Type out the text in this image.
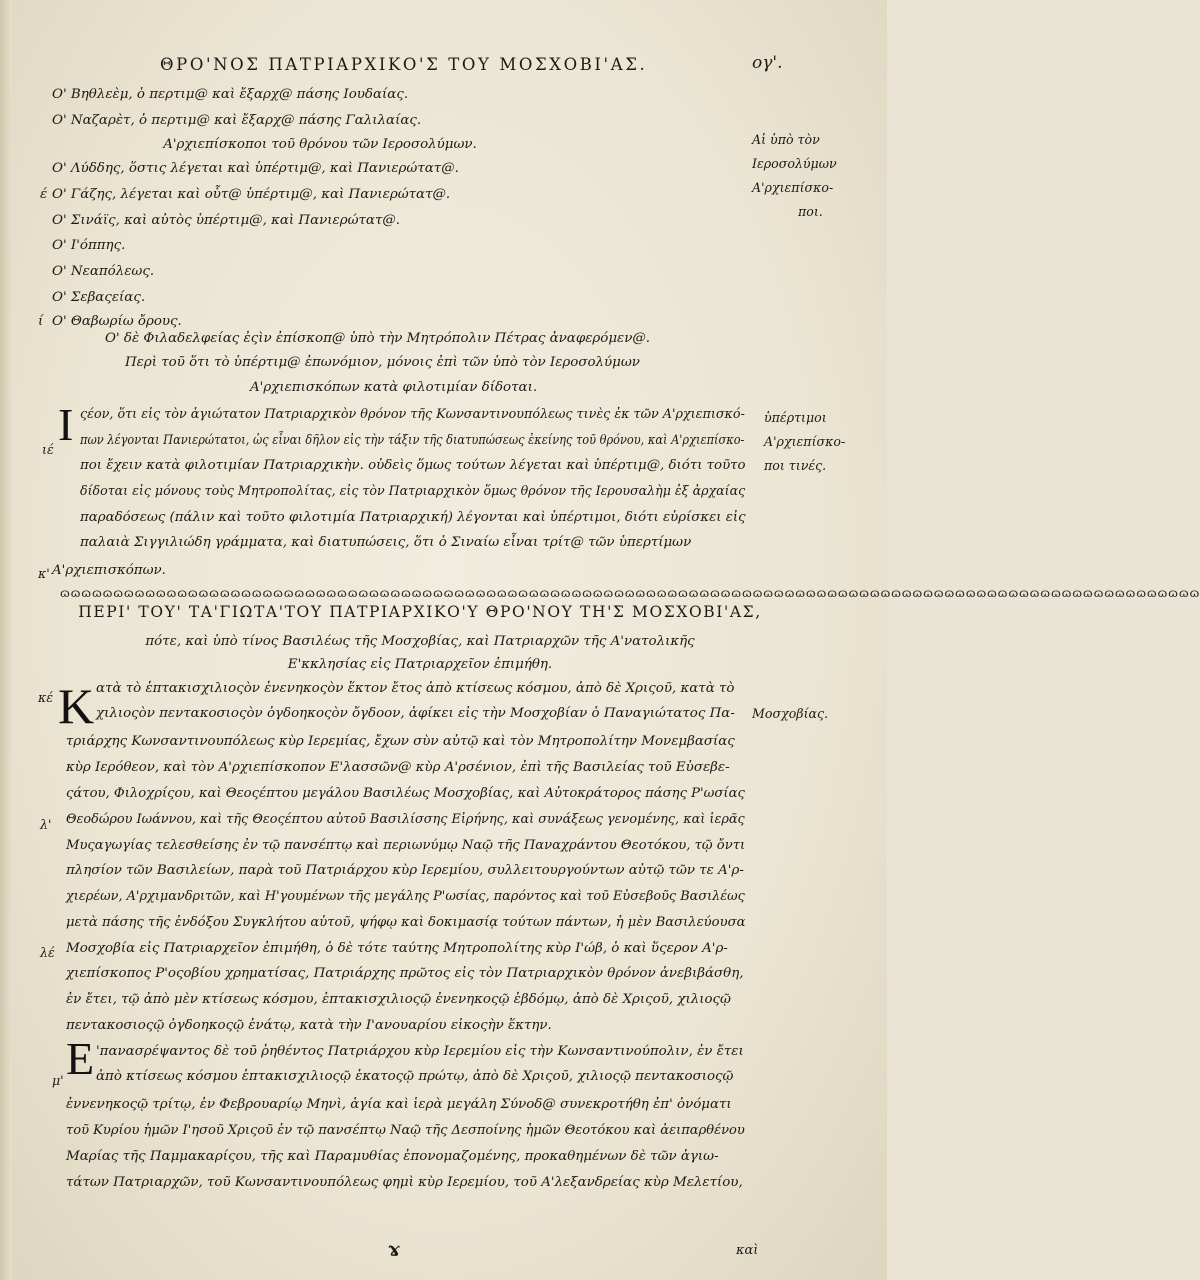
ΘΡΟ'ΝΟΣ ΠΑΤΡΙΑΡΧΙΚΟ'Σ ΤΟΥ ΜΟΣΧΟΒΙ'ΑΣ.	ογ'.
Ο' Βηθλεὲμ, ὁ περτιμ@ καὶ ἔξαρχ@ πάσης Ιουδαίας.
Ο' Ναζαρὲτ, ὁ περτιμ@ καὶ ἔξαρχ@ πάσης Γαλιλαίας.
Α'ρχιεπίσκοποι τοῦ θρόνου τῶν Ιεροσολύμων.
Ο' Λύδδης, ὅστις λέγεται καὶ ὑπέρτιμ@, καὶ Πανιερώτατ@.
έ Ο' Γάζης, λέγεται καὶ οὗτ@ ὑπέρτιμ@, καὶ Πανιερώτατ@.
Ο' Σινάϊς, καὶ αὐτὸς ὑπέρτιμ@, καὶ Πανιερώτατ@.
Ο' Ι'όππης.
Ο' Νεαπόλεως.
Ο' Σεβαςείας.
ί Ο' Θαβωρίω ὄρους.
Αἱ ὑπὸ τὸν
Ιεροσολύμων
Α'ρχιεπίσκο-
ποι.
Ο' δὲ Φιλαδελφείας ἐςὶν ἐπίσκοπ@ ὑπὸ τὴν Μητρόπολιν Πέτρας ἀναφερόμεν@.
Περὶ τοῦ ὅτι τὸ ὑπέρτιμ@ ἐπωνόμιον, μόνοις ἐπὶ τῶν ὑπὸ τὸν Ιεροσολύμων
Α'ρχιεπισκόπων κατὰ φιλοτιμίαν δίδοται.
Ι
ιέ
ςέον, ὅτι εἰς τὸν ἁγιώτατον Πατριαρχικὸν θρόνον τῆς Κωνσαντινουπόλεως τινὲς ἐκ τῶν Α'ρχιεπισκό-
πων λέγονται Πανιερώτατοι, ὡς εἶναι δῆλον εἰς τὴν τάξιν τῆς διατυπώσεως ἐκείνης τοῦ θρόνου, καὶ Α'ρχιεπίσκο-
ποι ἔχειν κατὰ φιλοτιμίαν Πατριαρχικὴν. οὐδεὶς ὅμως τούτων λέγεται καὶ ὑπέρτιμ@, διότι τοῦτο
δίδοται εἰς μόνους τοὺς Μητροπολίτας, εἰς τὸν Πατριαρχικὸν ὅμως θρόνον τῆς Ιερουσαλὴμ ἐξ ἀρχαίας
παραδόσεως (πάλιν καὶ τοῦτο φιλοτιμία Πατριαρχική) λέγονται καὶ ὑπέρτιμοι, διότι εὑρίσκει εἰς
παλαιὰ Σιγγιλιώδη γράμματα, καὶ διατυπώσεις, ὅτι ὁ Σιναίω εἶναι τρίτ@ τῶν ὑπερτίμων
κ' Α'ρχιεπισκόπων.
ὑπέρτιμοι
Α'ρχιεπίσκο-
ποι τινές.
ɷɷɷɷɷɷɷɷɷɷɷɷɷɷɷɷɷɷɷɷɷɷɷɷɷɷɷɷɷɷɷɷɷɷɷɷɷɷɷɷɷɷɷɷɷɷɷɷɷɷɷɷɷɷɷɷɷɷɷɷɷɷɷɷɷɷɷɷɷɷɷɷɷɷɷɷɷɷɷɷɷɷɷɷɷɷɷɷɷɷɷɷɷɷɷɷɷɷɷɷɷɷɷɷɷɷɷ
ΠΕΡΙ' ΤΟΥ' ΤΑ'ΓΙΩΤΑ'ΤΟΥ ΠΑΤΡΙΑΡΧΙΚΟ'Υ ΘΡΟ'ΝΟΥ ΤΗ'Σ ΜΟΣΧΟΒΙ'ΑΣ,
πότε, καὶ ὑπὸ τίνος Βασιλέως τῆς Μοσχοβίας, καὶ Πατριαρχῶν τῆς Α'νατολικῆς
Ε'κκλησίας εἰς Πατριαρχεῖον ἐπιμήθη.
K
κέ
ατὰ τὸ ἑπτακισχιλιοςὸν ἐνενηκοςὸν ἕκτον ἔτος ἀπὸ κτίσεως κόσμου, ἀπὸ δὲ Χριςοῦ, κατὰ τὸ
χιλιοςὸν πεντακοσιοςὸν ὀγδοηκοςὸν ὄγδοον, ἀφίκει εἰς τὴν Μοσχοβίαν ὁ Παναγιώτατος Πα- Μοσχοβίας.
τριάρχης Κωνσαντινουπόλεως κὺρ Ιερεμίας, ἔχων σὺν αὐτῷ καὶ τὸν Μητροπολίτην Μονεμβασίας
κὺρ Ιερόθεον, καὶ τὸν Α'ρχιεπίσκοπον Ε'λασσῶν@ κὺρ Α'ρσένιον, ἐπὶ τῆς Βασιλείας τοῦ Εὐσεβε-
ςάτου, Φιλοχρίςου, καὶ Θεοςέπτου μεγάλου Βασιλέως Μοσχοβίας, καὶ Αὐτοκράτορος πάσης Ρ'ωσίας
λ' Θεοδώρου Ιωάννου, καὶ τῆς Θεοςέπτου αὐτοῦ Βασιλίσσης Εἰρήνης, καὶ συνάξεως γενομένης, καὶ ἱερᾶς
Μυςαγωγίας τελεσθείσης ἐν τῷ πανσέπτῳ καὶ περιωνύμῳ Ναῷ τῆς Παναχράντου Θεοτόκου, τῷ ὄντι
πλησίον τῶν Βασιλείων, παρὰ τοῦ Πατριάρχου κὺρ Ιερεμίου, συλλειτουργούντων αὐτῷ τῶν τε Α'ρ-
χιερέων, Α'ρχιμανδριτῶν, καὶ Η'γουμένων τῆς μεγάλης Ρ'ωσίας, παρόντος καὶ τοῦ Εὐσεβοῦς Βασιλέως
μετὰ πάσης τῆς ἐνδόξου Συγκλήτου αὐτοῦ, ψήφῳ καὶ δοκιμασίᾳ τούτων πάντων, ἡ μὲν Βασιλεύουσα
λέ Μοσχοβία εἰς Πατριαρχεῖον ἐπιμήθη, ὁ δὲ τότε ταύτης Μητροπολίτης κὺρ Ι'ώβ, ὁ καὶ ὕςερον Α'ρ-
χιεπίσκοπος Ρ'οςοβίου χρηματίσας, Πατριάρχης πρῶτος εἰς τὸν Πατριαρχικὸν θρόνον ἀνεβιβάσθη,
ἐν ἔτει, τῷ ἀπὸ μὲν κτίσεως κόσμου, ἑπτακισχιλιοςῷ ἐνενηκοςῷ ἑβδόμῳ, ἀπὸ δὲ Χριςοῦ, χιλιοςῷ
πεντακοσιοςῷ ὀγδοηκοςῷ ἐνάτῳ, κατὰ τὴν Ι'ανουαρίου εἰκοςὴν ἕκτην.
Ε
μ'
'πανασρέψαντος δὲ τοῦ ῥηθέντος Πατριάρχου κὺρ Ιερεμίου εἰς τὴν Κωνσαντινούπολιν, ἐν ἔτει
ἀπὸ κτίσεως κόσμου ἑπτακισχιλιοςῷ ἑκατοςῷ πρώτῳ, ἀπὸ δὲ Χριςοῦ, χιλιοςῷ πεντακοσιοςῷ
ἐννενηκοςῷ τρίτῳ, ἐν Φεβρουαρίῳ Μηνὶ, ἁγία καὶ ἱερὰ μεγάλη Σύνοδ@ συνεκροτήθη ἐπ' ὀνόματι
τοῦ Κυρίου ἡμῶν Ι'ησοῦ Χριςοῦ ἐν τῷ πανσέπτῳ Ναῷ τῆς Δεσποίνης ἡμῶν Θεοτόκου καὶ ἀειπαρθένου
Μαρίας τῆς Παμμακαρίςου, τῆς καὶ Παραμυθίας ἐπονομαζομένης, προκαθημένων δὲ τῶν ἁγιω-
τάτων Πατριαρχῶν, τοῦ Κωνσαντινουπόλεως φημὶ κὺρ Ιερεμίου, τοῦ Α'λεξανδρείας κὺρ Μελετίου,
ɤ	καὶ
